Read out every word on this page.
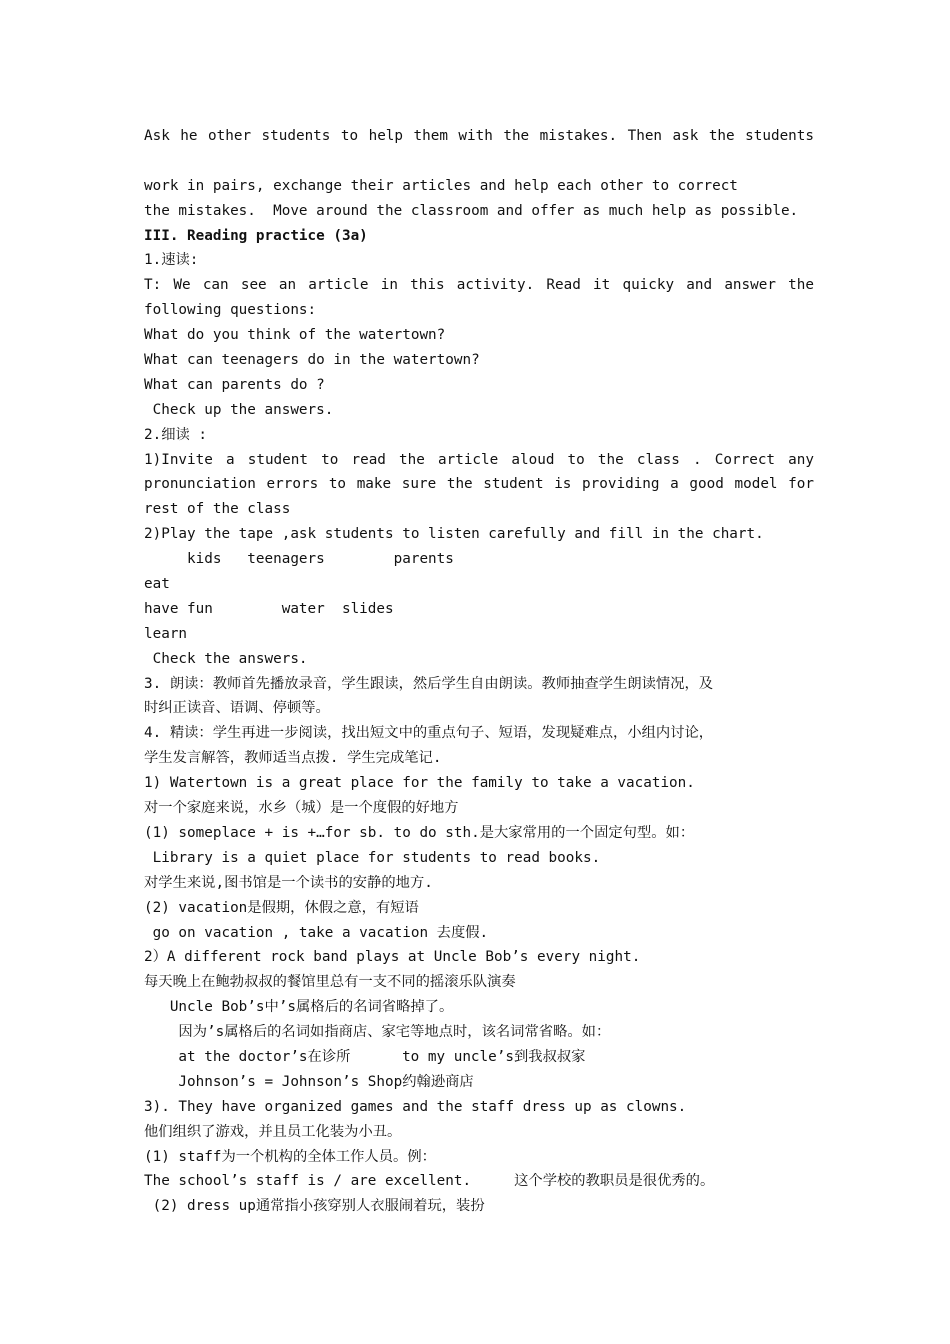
Ask he other students to help them with the mistakes. Then ask the students
work in pairs, exchange their articles and help each other to correct
the mistakes.  Move around the classroom and offer as much help as possible.
III. Reading practice (3a)
1.速读:
T: We can see an article in this activity. Read it quicky and answer the
following questions:
What do you think of the watertown?
What can teenagers do in the watertown?
What can parents do ?
Check up the answers.
2.细读 :
1)Invite a student to read the article aloud to the class . Correct any
pronunciation errors to make sure the student is providing a good model for
rest of the class
2)Play the tape ,ask students to listen carefully and fill in the chart.
kids   teenagers        parents
eat
have fun        water  slides
learn
Check the answers.
3. 朗读：教师首先播放录音，学生跟读，然后学生自由朗读。教师抽查学生朗读情况，及
时纠正读音、语调、停顿等。
4. 精读：学生再进一步阅读，找出短文中的重点句子、短语，发现疑难点，小组内讨论，
学生发言解答，教师适当点拨. 学生完成笔记.
1) Watertown is a great place for the family to take a vacation.
对一个家庭来说，水乡（城）是一个度假的好地方
(1) someplace + is +…for sb. to do sth.是大家常用的一个固定句型。如：
Library is a quiet place for students to read books.
对学生来说,图书馆是一个读书的安静的地方.
(2) vacation是假期，休假之意，有短语
go on vacation , take a vacation 去度假.
2）A different rock band plays at Uncle Bob’s every night.
每天晚上在鲍勃叔叔的餐馆里总有一支不同的摇滚乐队演奏
Uncle Bob’s中’s属格后的名词省略掉了。
因为’s属格后的名词如指商店、家宅等地点时，该名词常省略。如：
at the doctor’s在诊所      to my uncle’s到我叔叔家
Johnson’s = Johnson’s Shop约翰逊商店
3). They have organized games and the staff dress up as clowns.
他们组织了游戏，并且员工化装为小丑。
(1) staff为一个机构的全体工作人员。例：
The school’s staff is / are excellent.     这个学校的教职员是很优秀的。
(2) dress up通常指小孩穿别人衣服闹着玩，装扮
